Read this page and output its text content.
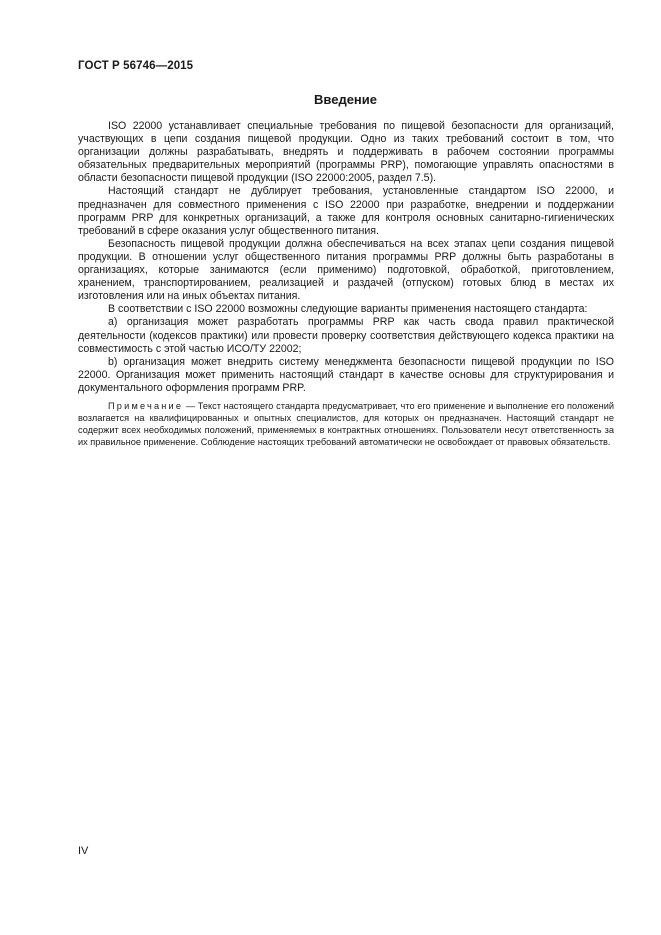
ГОСТ Р 56746—2015
Введение

ISO 22000 устанавливает специальные требования по пищевой безопасности для организаций, участвующих в цепи создания пищевой продукции. Одно из таких требований состоит в том, что организации должны разрабатывать, внедрять и поддерживать в рабочем состоянии программы обязательных предварительных мероприятий (программы PRP), помогающие управлять опасностями в области безопасности пищевой продукции (ISO 22000:2005, раздел 7.5).

Настоящий стандарт не дублирует требования, установленные стандартом ISO 22000, и предназначен для совместного применения с ISO 22000 при разработке, внедрении и поддержании программ PRP для конкретных организаций, а также для контроля основных санитарно-гигиенических требований в сфере оказания услуг общественного питания.

Безопасность пищевой продукции должна обеспечиваться на всех этапах цепи создания пищевой продукции. В отношении услуг общественного питания программы PRP должны быть разработаны в организациях, которые занимаются (если применимо) подготовкой, обработкой, приготовлением, хранением, транспортированием, реализацией и раздачей (отпуском) готовых блюд в местах их изготовления или на иных объектах питания.

В соответствии с ISO 22000 возможны следующие варианты применения настоящего стандарта:

а) организация может разработать программы PRP как часть свода правил практической деятельности (кодексов практики) или провести проверку соответствия действующего кодекса практики на совместимость с этой частью ИСО/ТУ 22002;

b) организация может внедрить систему менеджмента безопасности пищевой продукции по ISO 22000. Организация может применить настоящий стандарт в качестве основы для структурирования и документального оформления программ PRP.

Примечание — Текст настоящего стандарта предусматривает, что его применение и выполнение его положений возлагается на квалифицированных и опытных специалистов, для которых он предназначен. Настоящий стандарт не содержит всех необходимых положений, применяемых в контрактных отношениях. Пользователи несут ответственность за их правильное применение. Соблюдение настоящих требований автоматически не освобождает от правовых обязательств.

IV
